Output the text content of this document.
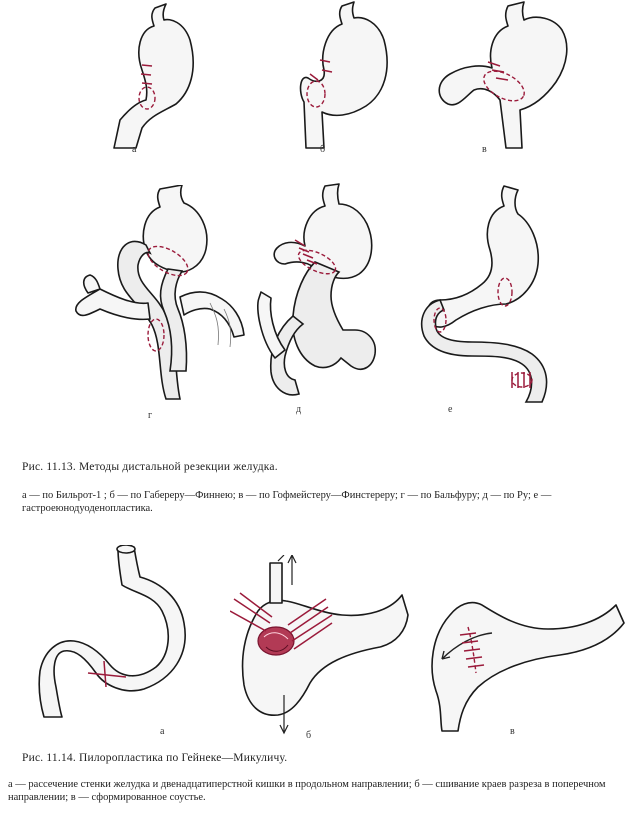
а	б	в
г
д	е
Рис. 11.13. Методы дистальной резекции желудка.
а — по Бильрот-1 ; б — по Габереру—Финнею; в — по Гофмейстеру—Финстереру; г — по Бальфуру; д — по Ру; е — гастроеюнодуоденопластика.
а	б	в
Рис. 11.14. Пилоропластика по Гейнеке—Микуличу.
а — рассечение стенки желудка и двенадцатиперстной кишки в продольном направлении; б — сшивание краев разреза в поперечном направлении; в — сформированное соустье.
